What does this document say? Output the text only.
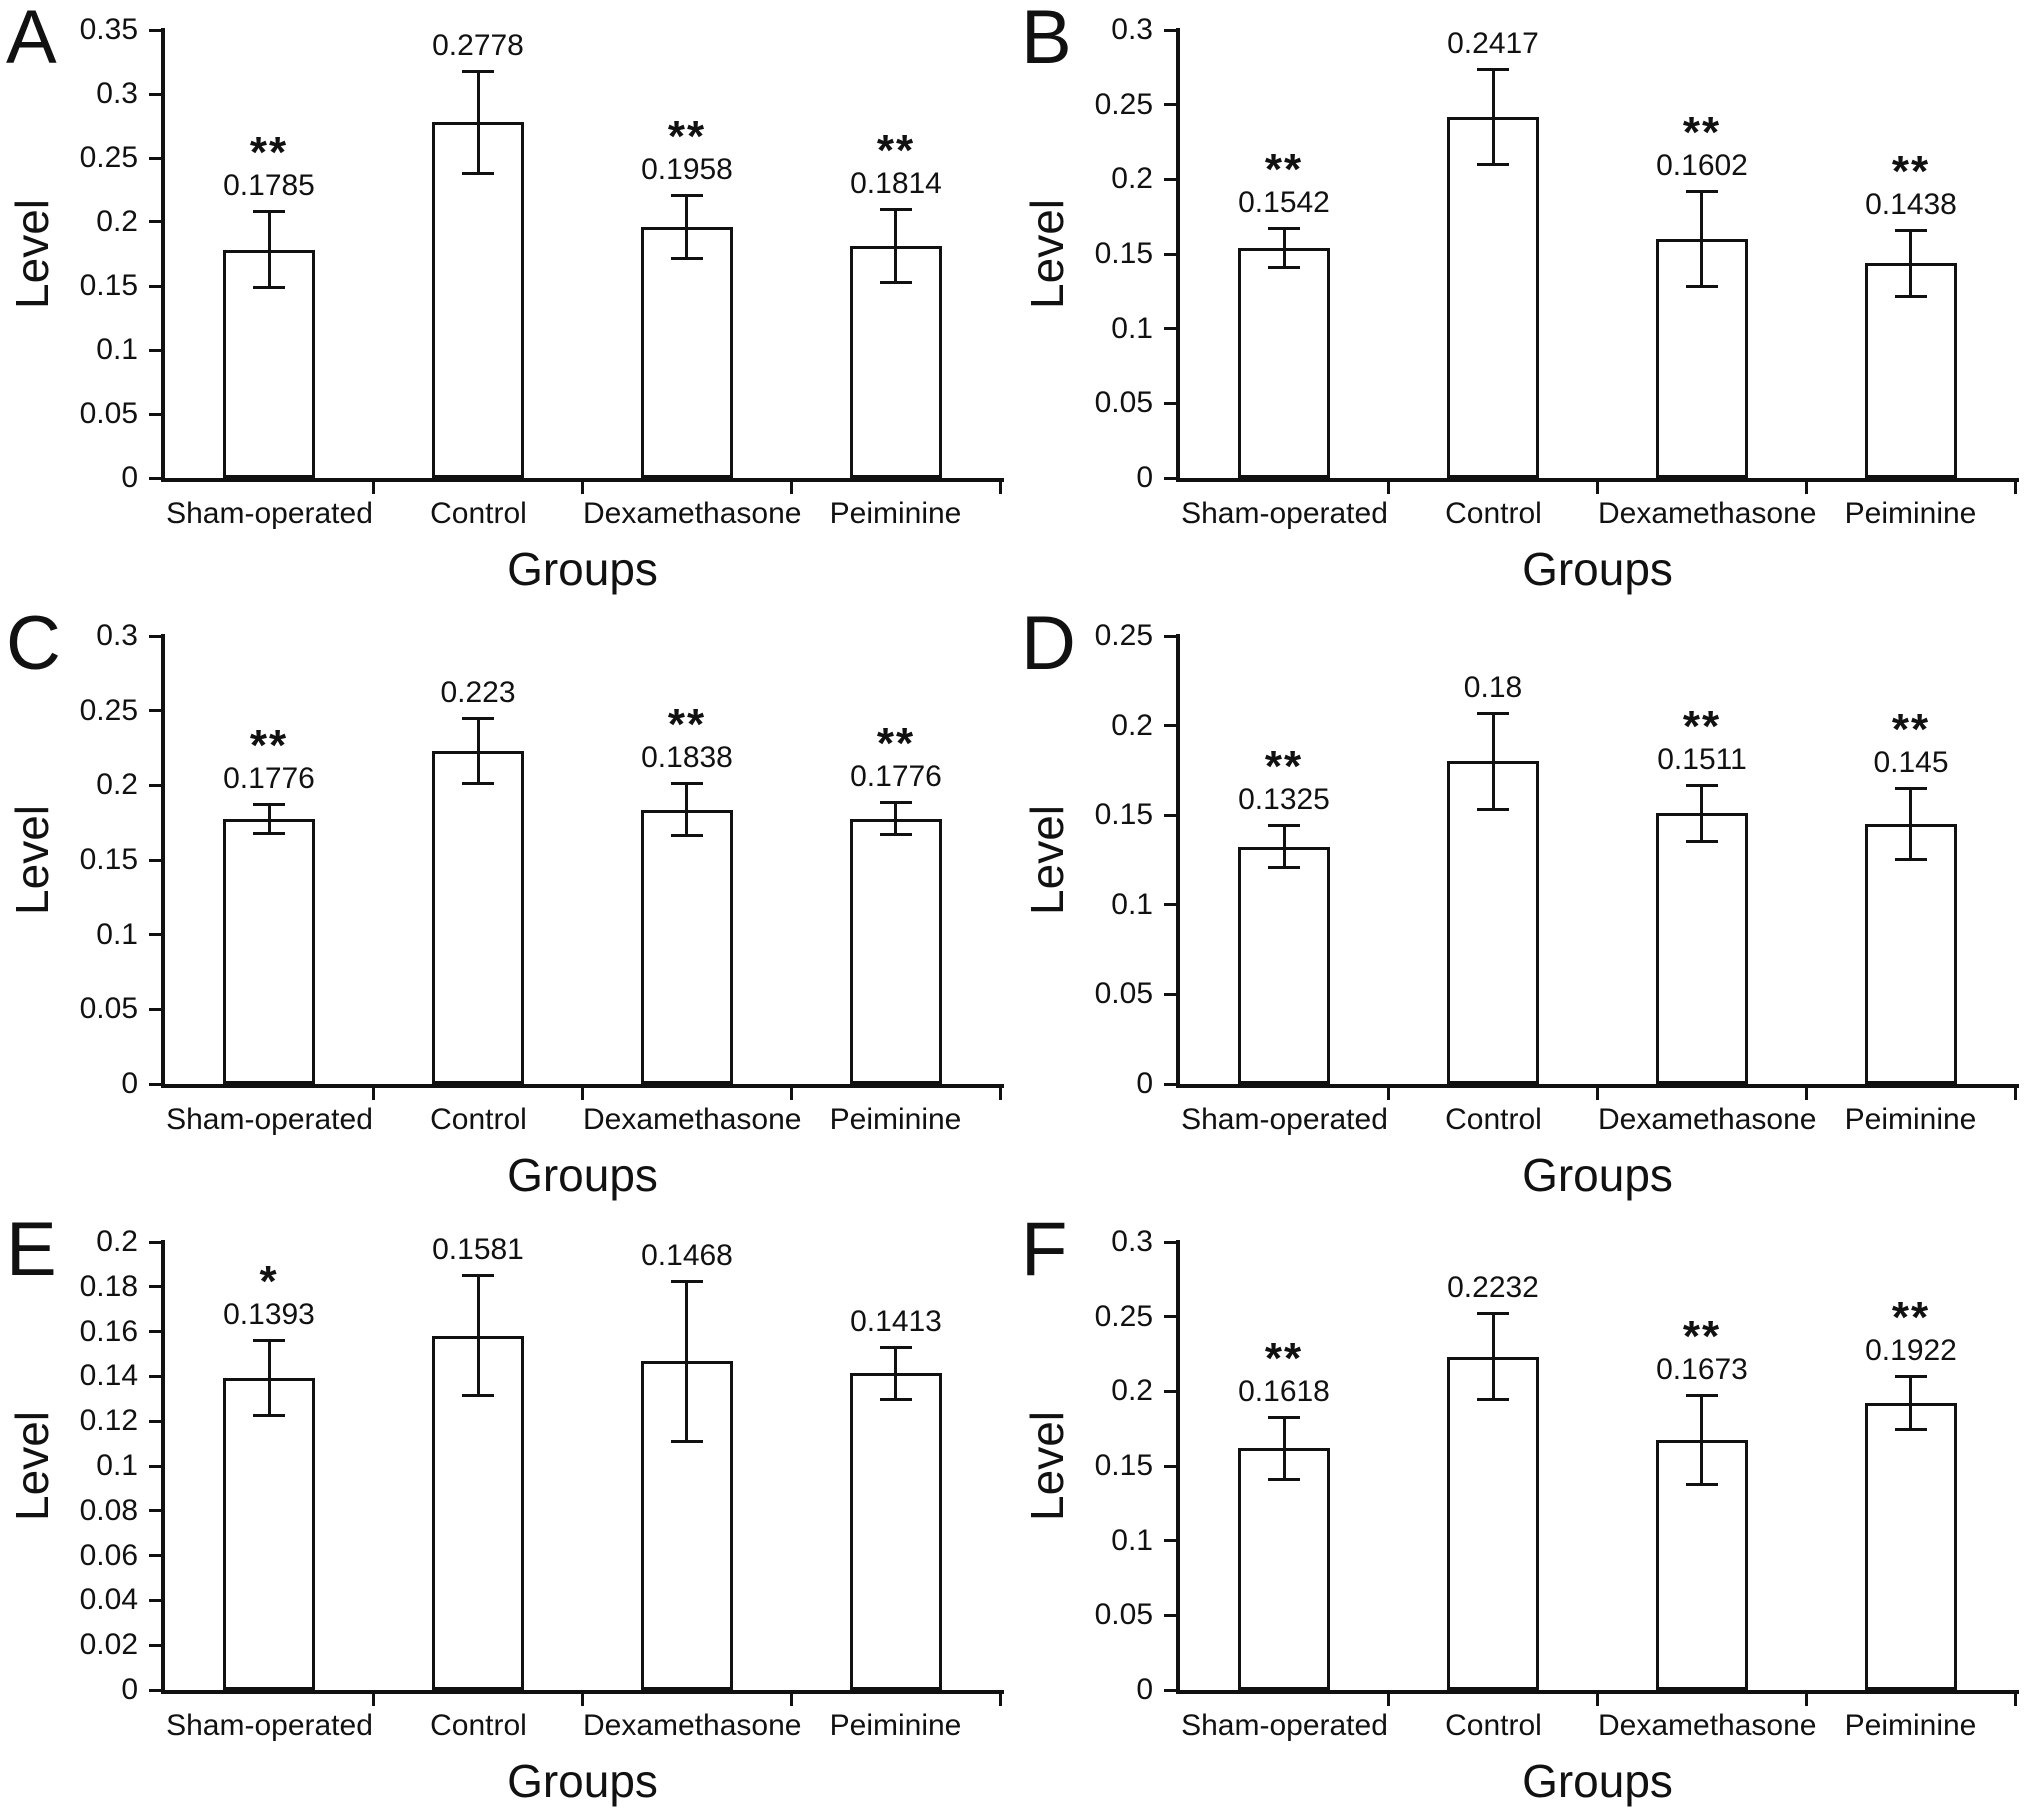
A
Level
0
0.05
0.1
0.15
0.2
0.25
0.3
0.35
**
0.1785
0.2778
**
0.1958	**
0.1814
Sham-operated	Control	Dexamethasone Peiminine
Groups
B
Level
0
0.05
0.1
0.15
0.2
0.25
0.3
**
0.1542
0.2417
**
0.1602	**
0.1438
Sham-operated	Control	Dexamethasone Peiminine
Groups
C
Level
0
0.05
0.1
0.15
0.2
0.25
0.3
**
0.1776
0.223
**
0.1838	**
0.1776
Sham-operated	Control	Dexamethasone Peiminine
Groups
D
Level
0
0.05
0.1
0.15
0.2
0.25
**
0.1325
0.18
**
0.1511
**
0.145
Sham-operated	Control	Dexamethasone Peiminine
Groups
E
Level
0
0.02
0.04
0.06
0.08
0.1
0.12
0.14
0.16
0.18
0.2
*
0.1393
0.1581	0.1468
0.1413
Sham-operated	Control	Dexamethasone Peiminine
Groups
F
Level
0
0.05
0.1
0.15
0.2
0.25
0.3
**
0.1618
0.2232
**
0.1673
**
0.1922
Sham-operated	Control	Dexamethasone Peiminine
Groups
